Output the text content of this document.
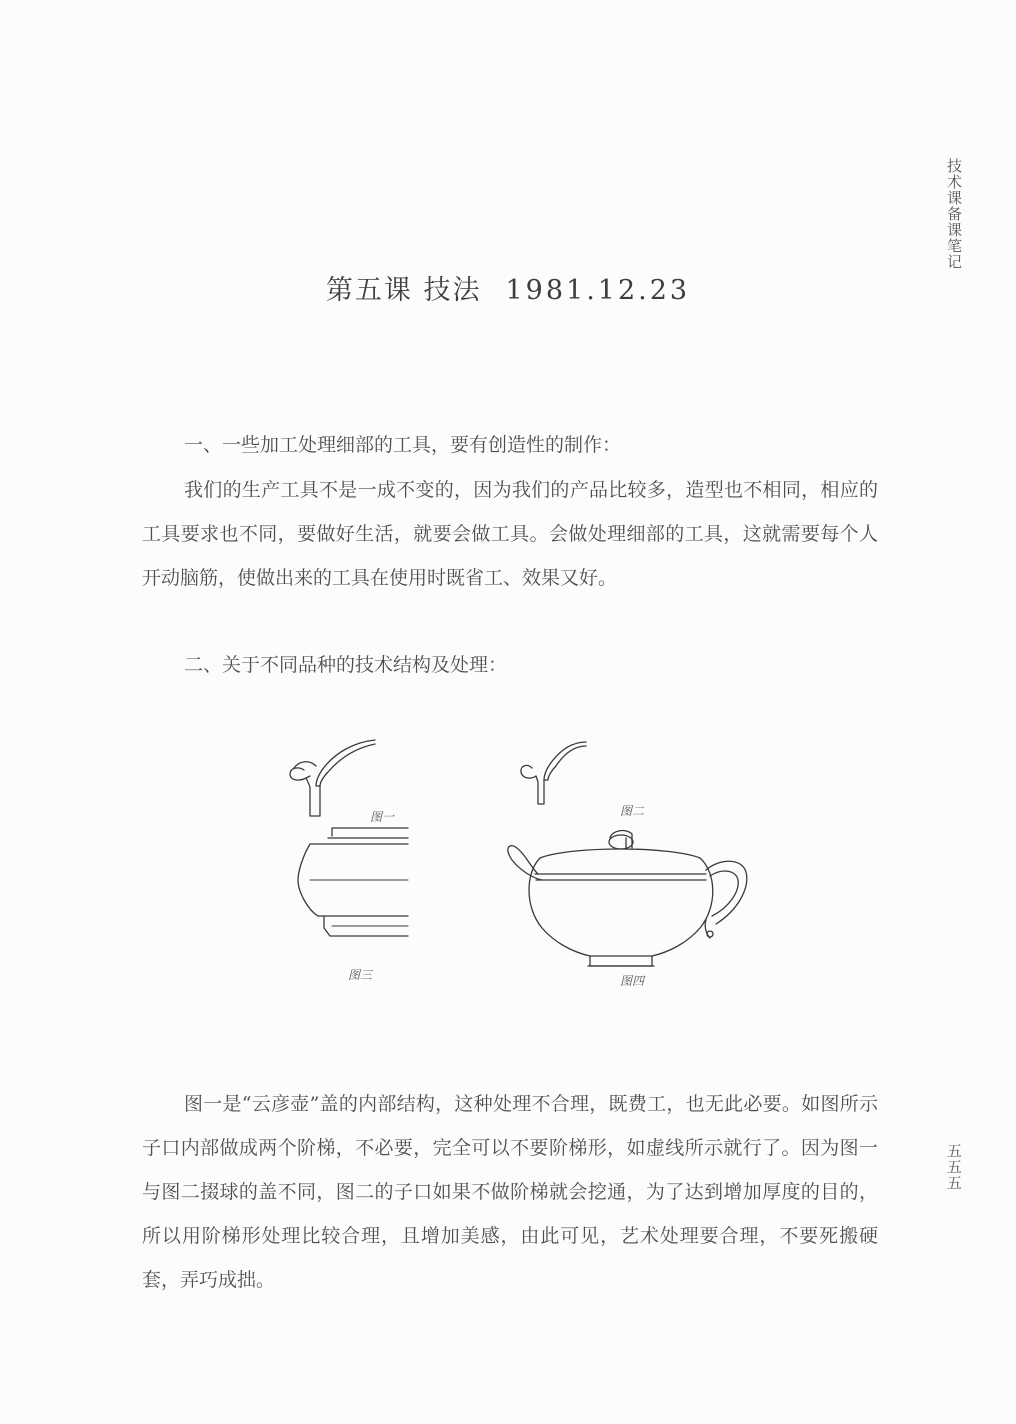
第五课 技法 1981.12.23
技术课备课笔记
五五五

一、一些加工处理细部的工具，要有创造性的制作：

我们的生产工具不是一成不变的，因为我们的产品比较多，造型也不相同，相应的工具要求也不同，要做好生活，就要会做工具。会做处理细部的工具，这就需要每个人开动脑筋，使做出来的工具在使用时既省工、效果又好。

二、关于不同品种的技术结构及处理：

图一	图二
图三	图四

图一是“云彦壶”盖的内部结构，这种处理不合理，既费工，也无此必要。如图所示子口内部做成两个阶梯，不必要，完全可以不要阶梯形，如虚线所示就行了。因为图一与图二掇球的盖不同，图二的子口如果不做阶梯就会挖通，为了达到增加厚度的目的，所以用阶梯形处理比较合理，且增加美感，由此可见，艺术处理要合理，不要死搬硬套，弄巧成拙。
